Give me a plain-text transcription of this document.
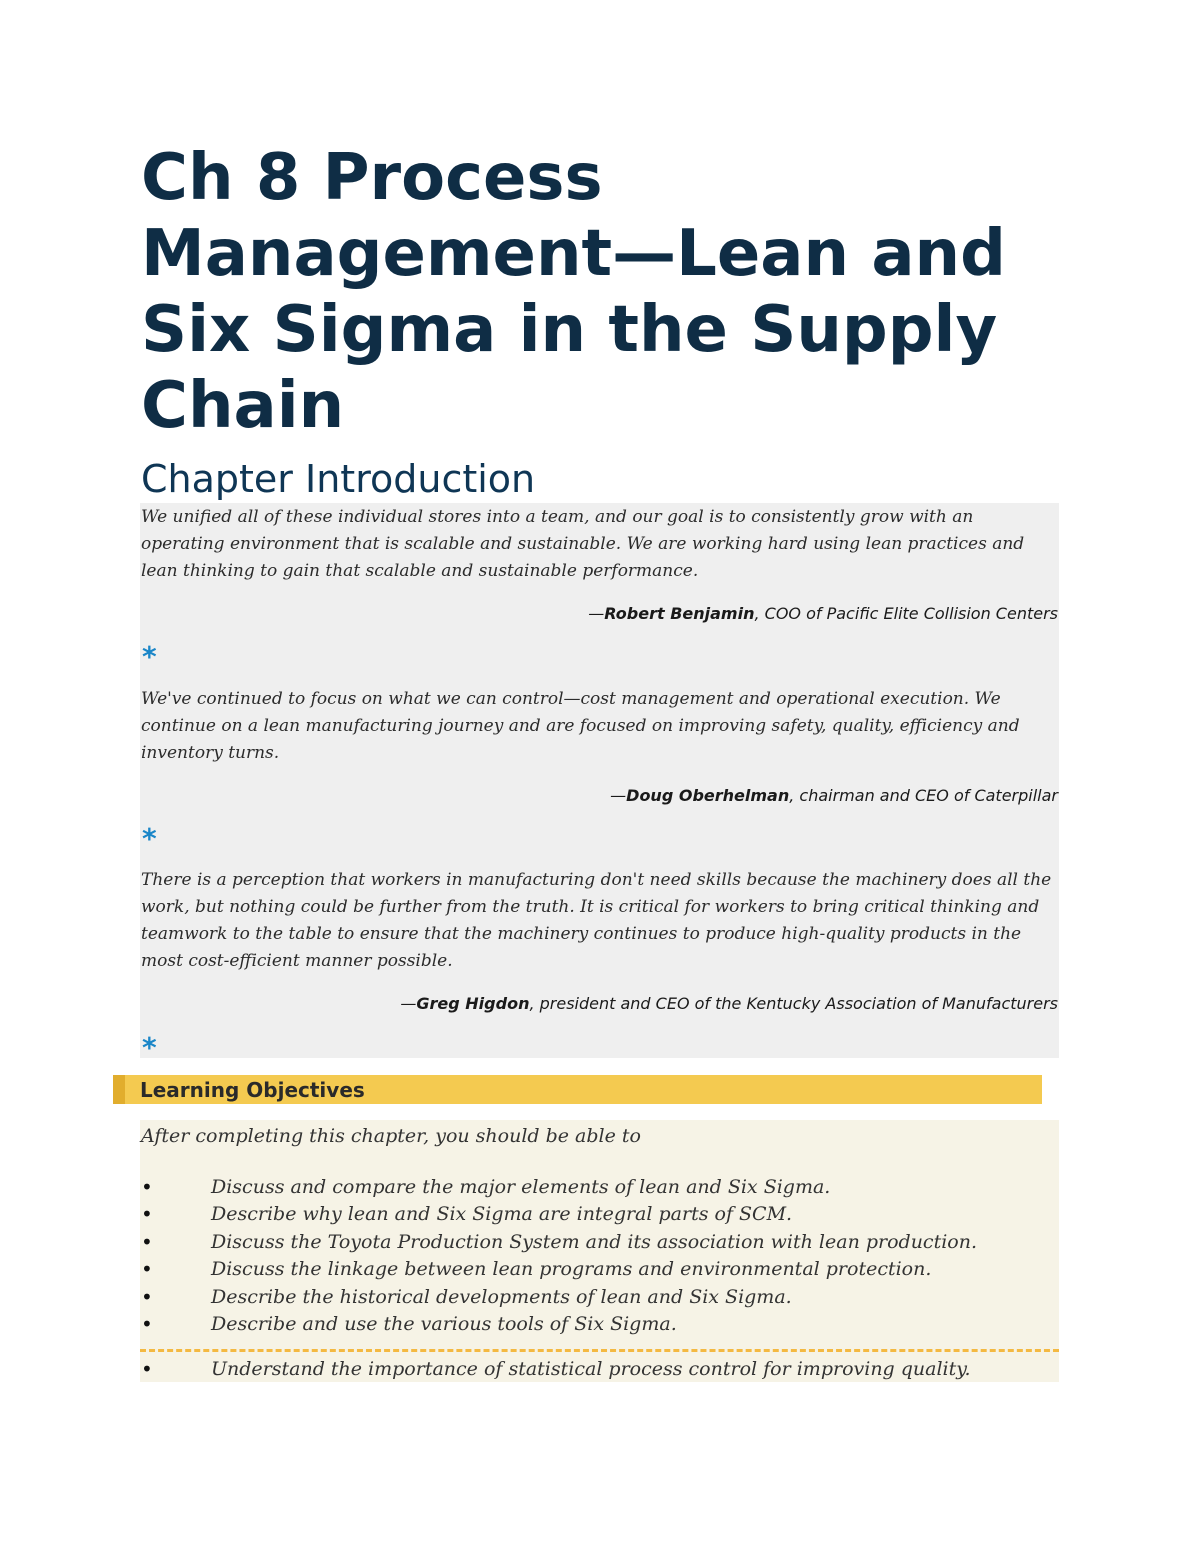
Ch 8 Process Management—Lean and Six Sigma in the Supply Chain
Chapter Introduction

We unified all of these individual stores into a team, and our goal is to consistently grow with an operating environment that is scalable and sustainable. We are working hard using lean practices and lean thinking to gain that scalable and sustainable performance.

—Robert Benjamin, COO of Pacific Elite Collision Centers

*

We've continued to focus on what we can control—cost management and operational execution. We continue on a lean manufacturing journey and are focused on improving safety, quality, efficiency and inventory turns.

—Doug Oberhelman, chairman and CEO of Caterpillar

*

There is a perception that workers in manufacturing don't need skills because the machinery does all the work, but nothing could be further from the truth. It is critical for workers to bring critical thinking and teamwork to the table to ensure that the machinery continues to produce high-quality products in the most cost-efficient manner possible.

—Greg Higdon, president and CEO of the Kentucky Association of Manufacturers

*
Learning Objectives

After completing this chapter, you should be able to

•	Discuss and compare the major elements of lean and Six Sigma.
•	Describe why lean and Six Sigma are integral parts of SCM.
•	Discuss the Toyota Production System and its association with lean production.
•	Discuss the linkage between lean programs and environmental protection.
•	Describe the historical developments of lean and Six Sigma.
•	Describe and use the various tools of Six Sigma.
•	Understand the importance of statistical process control for improving quality.
